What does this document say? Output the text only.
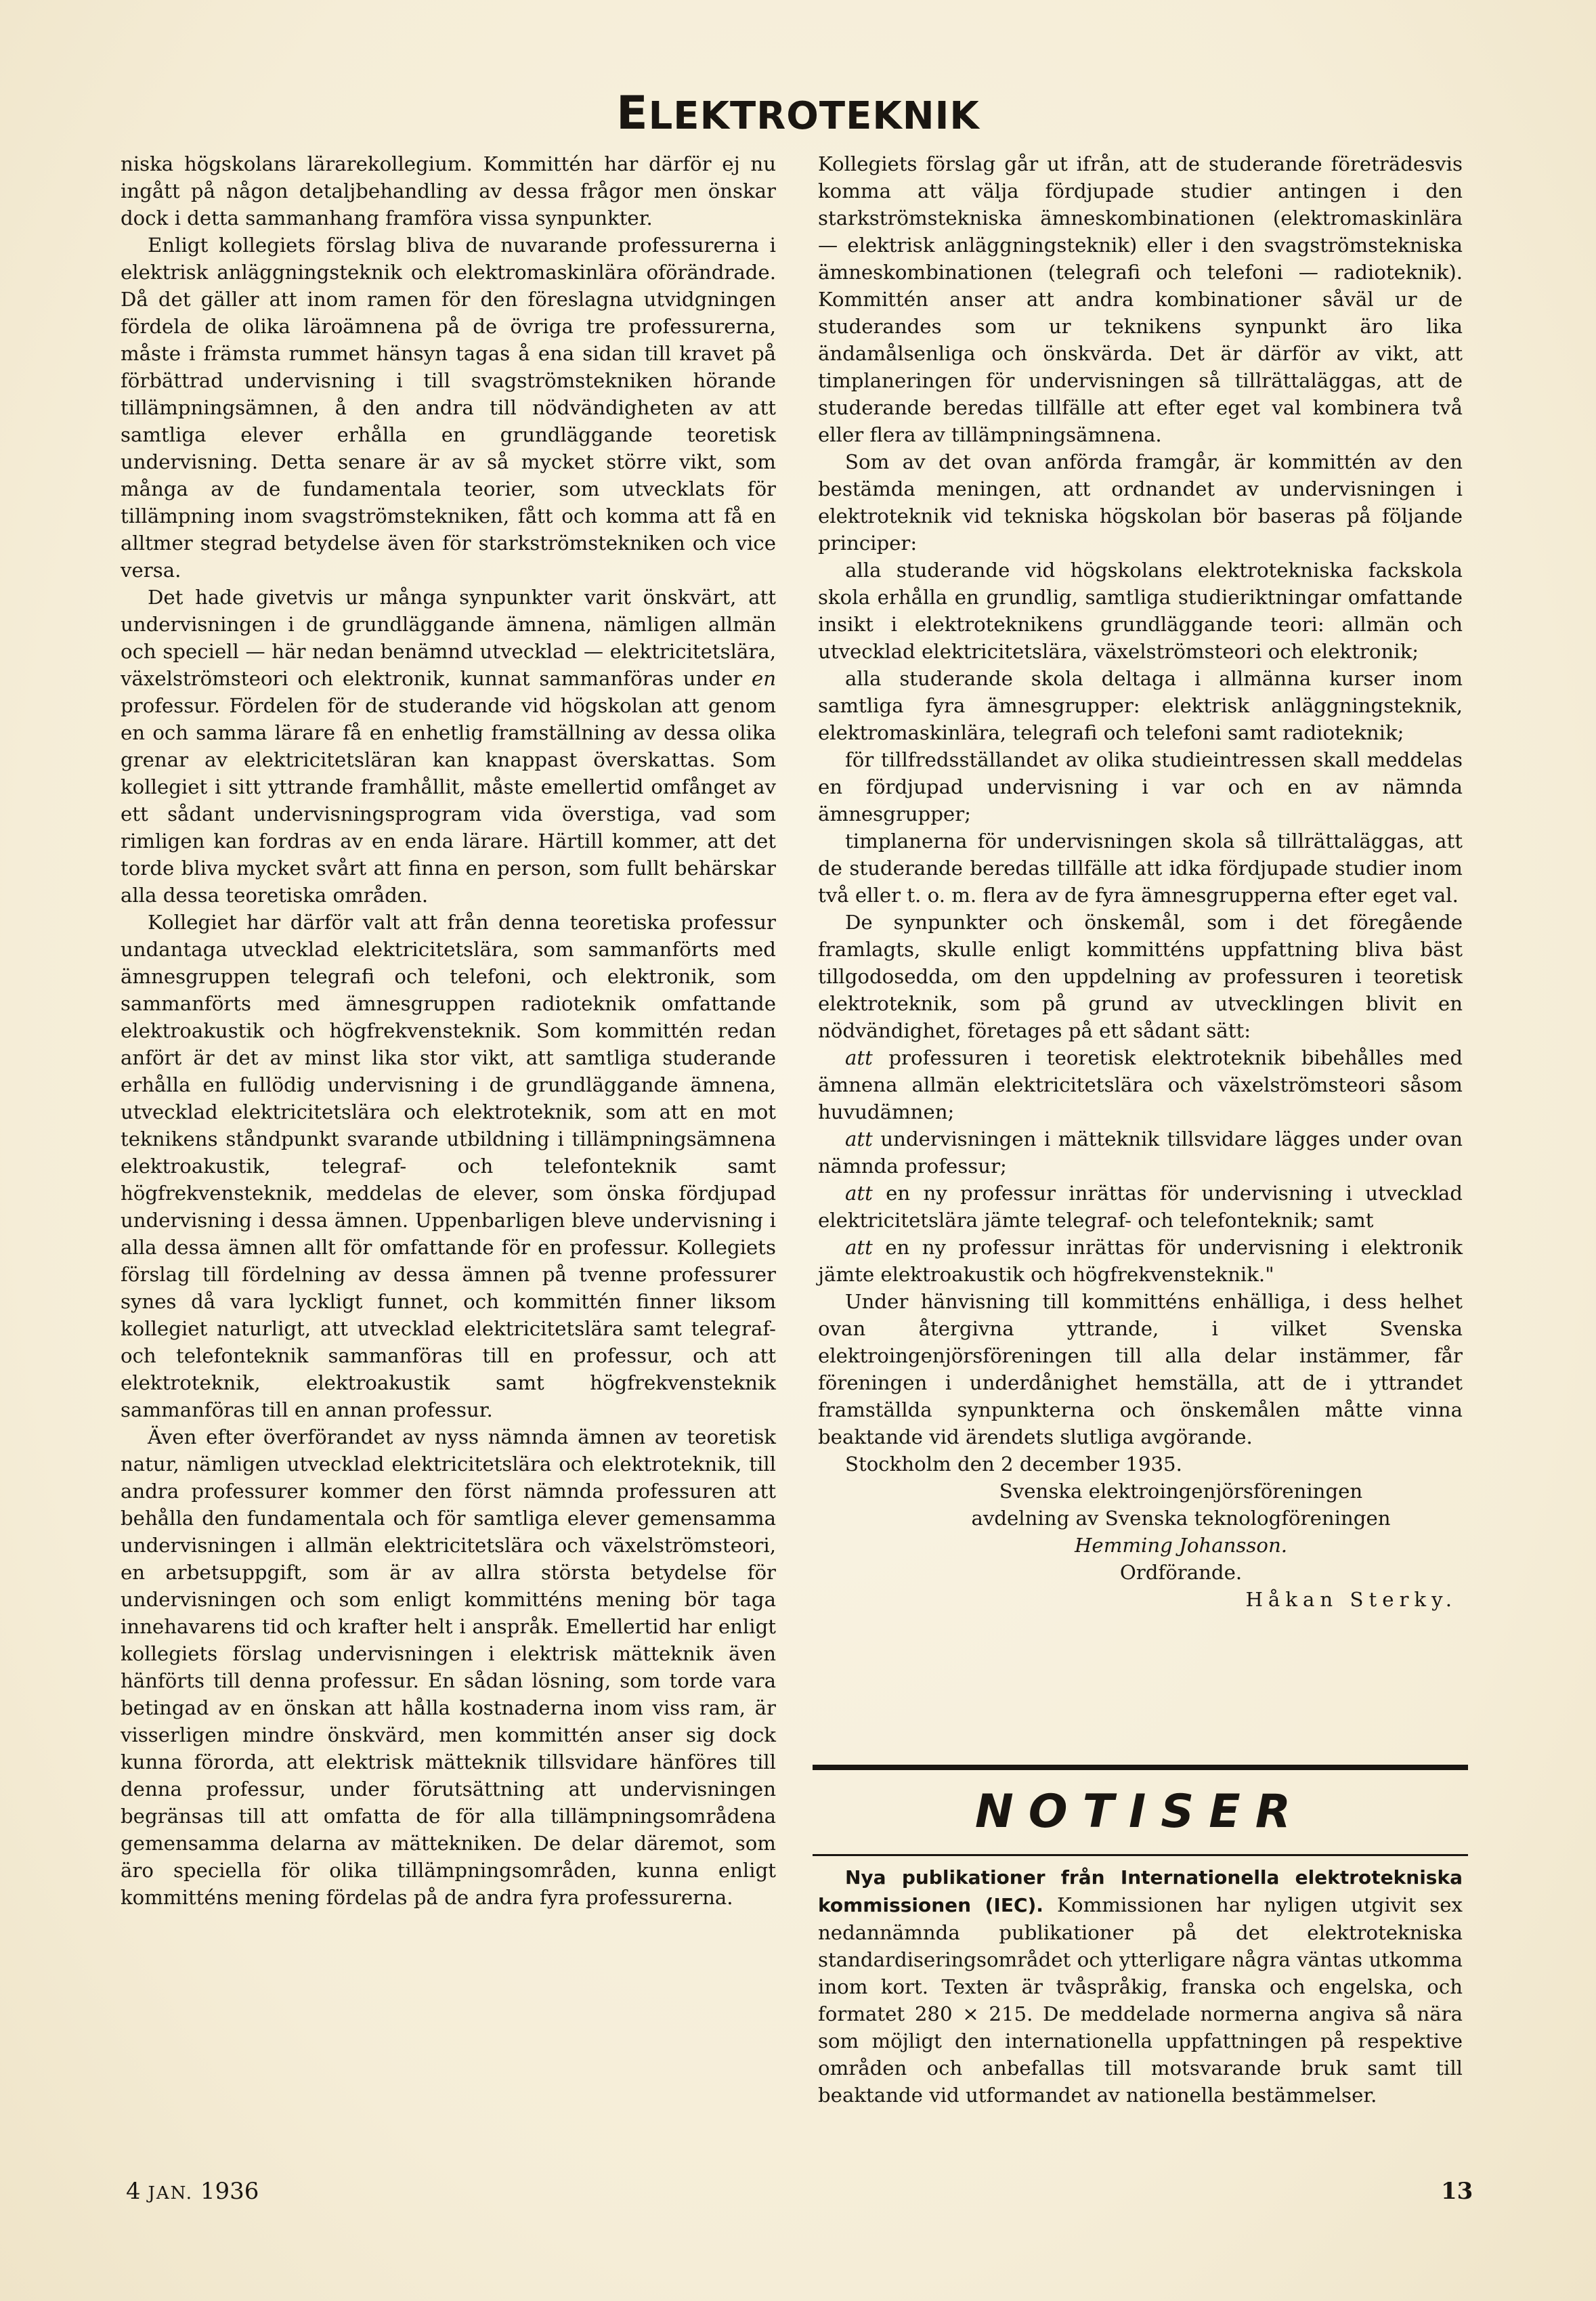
ELEKTROTEKNIK

niska högskolans lärarekollegium. Kommittén har därför ej nu ingått på någon detaljbehandling av dessa frågor men önskar dock i detta sammanhang framföra vissa synpunkter.

Enligt kollegiets förslag bliva de nuvarande professurerna i elektrisk anläggningsteknik och elektromaskinlära oförändrade. Då det gäller att inom ramen för den föreslagna utvidgningen fördela de olika läroämnena på de övriga tre professurerna, måste i främsta rummet hänsyn tagas å ena sidan till kravet på förbättrad undervisning i till svagströmstekniken hörande tillämpningsämnen, å den andra till nödvändigheten av att samtliga elever erhålla en grundläggande teoretisk undervisning. Detta senare är av så mycket större vikt, som många av de fundamentala teorier, som utvecklats för tillämpning inom svagströmstekniken, fått och komma att få en alltmer stegrad betydelse även för starkströmstekniken och vice versa.

Det hade givetvis ur många synpunkter varit önskvärt, att undervisningen i de grundläggande ämnena, nämligen allmän och speciell — här nedan benämnd utvecklad — elektricitetslära, växelströmsteori och elektronik, kunnat sammanföras under en professur. Fördelen för de studerande vid högskolan att genom en och samma lärare få en enhetlig framställning av dessa olika grenar av elektricitetsläran kan knappast överskattas. Som kollegiet i sitt yttrande framhållit, måste emellertid omfånget av ett sådant undervisningsprogram vida överstiga, vad som rimligen kan fordras av en enda lärare. Härtill kommer, att det torde bliva mycket svårt att finna en person, som fullt behärskar alla dessa teoretiska områden.

Kollegiet har därför valt att från denna teoretiska professur undantaga utvecklad elektricitetslära, som sammanförts med ämnesgruppen telegrafi och telefoni, och elektronik, som sammanförts med ämnesgruppen radioteknik omfattande elektroakustik och högfrekvensteknik. Som kommittén redan anfört är det av minst lika stor vikt, att samtliga studerande erhålla en fullödig undervisning i de grundläggande ämnena, utvecklad elektricitetslära och elektroteknik, som att en mot teknikens ståndpunkt svarande utbildning i tillämpningsämnena elektroakustik, telegraf- och telefonteknik samt högfrekvensteknik, meddelas de elever, som önska fördjupad undervisning i dessa ämnen. Uppenbarligen bleve undervisning i alla dessa ämnen allt för omfattande för en professur. Kollegiets förslag till fördelning av dessa ämnen på tvenne professurer synes då vara lyckligt funnet, och kommittén finner liksom kollegiet naturligt, att utvecklad elektricitetslära samt telegraf- och telefonteknik sammanföras till en professur, och att elektroteknik, elektroakustik samt högfrekvensteknik sammanföras till en annan professur.

Även efter överförandet av nyss nämnda ämnen av teoretisk natur, nämligen utvecklad elektricitetslära och elektroteknik, till andra professurer kommer den först nämnda professuren att behålla den fundamentala och för samtliga elever gemensamma undervisningen i allmän elektricitetslära och växelströmsteori, en arbetsuppgift, som är av allra största betydelse för undervisningen och som enligt kommitténs mening bör taga innehavarens tid och krafter helt i anspråk. Emellertid har enligt kollegiets förslag undervisningen i elektrisk mätteknik även hänförts till denna professur. En sådan lösning, som torde vara betingad av en önskan att hålla kostnaderna inom viss ram, är visserligen mindre önskvärd, men kommittén anser sig dock kunna förorda, att elektrisk mätteknik tillsvidare hänföres till denna professur, under förutsättning att undervisningen begränsas till att omfatta de för alla tillämpningsområdena gemensamma delarna av mättekniken. De delar däremot, som äro speciella för olika tillämpningsområden, kunna enligt kommitténs mening fördelas på de andra fyra professurerna.

Kollegiets förslag går ut ifrån, att de studerande företrädesvis komma att välja fördjupade studier antingen i den starkströmstekniska ämneskombinationen (elektromaskinlära — elektrisk anläggningsteknik) eller i den svagströmstekniska ämneskombinationen (telegrafi och telefoni — radioteknik). Kommittén anser att andra kombinationer såväl ur de studerandes som ur teknikens synpunkt äro lika ändamålsenliga och önskvärda. Det är därför av vikt, att timplaneringen för undervisningen så tillrättaläggas, att de studerande beredas tillfälle att efter eget val kombinera två eller flera av tillämpningsämnena.

Som av det ovan anförda framgår, är kommittén av den bestämda meningen, att ordnandet av undervisningen i elektroteknik vid tekniska högskolan bör baseras på följande principer:

alla studerande vid högskolans elektrotekniska fackskola skola erhålla en grundlig, samtliga studieriktningar omfattande insikt i elektroteknikens grundläggande teori: allmän och utvecklad elektricitetslära, växelströmsteori och elektronik;

alla studerande skola deltaga i allmänna kurser inom samtliga fyra ämnesgrupper: elektrisk anläggningsteknik, elektromaskinlära, telegrafi och telefoni samt radioteknik;

för tillfredsställandet av olika studieintressen skall meddelas en fördjupad undervisning i var och en av nämnda ämnesgrupper;

timplanerna för undervisningen skola så tillrättaläggas, att de studerande beredas tillfälle att idka fördjupade studier inom två eller t. o. m. flera av de fyra ämnesgrupperna efter eget val.

De synpunkter och önskemål, som i det föregående framlagts, skulle enligt kommitténs uppfattning bliva bäst tillgodosedda, om den uppdelning av professuren i teoretisk elektroteknik, som på grund av utvecklingen blivit en nödvändighet, företages på ett sådant sätt:

att professuren i teoretisk elektroteknik bibehålles med ämnena allmän elektricitetslära och växelströmsteori såsom huvudämnen;

att undervisningen i mätteknik tillsvidare lägges under ovan nämnda professur;

att en ny professur inrättas för undervisning i utvecklad elektricitetslära jämte telegraf- och telefonteknik; samt

att en ny professur inrättas för undervisning i elektronik jämte elektroakustik och högfrekvensteknik."

Under hänvisning till kommitténs enhälliga, i dess helhet ovan återgivna yttrande, i vilket Svenska elektroingenjörsföreningen till alla delar instämmer, får föreningen i underdånighet hemställa, att de i yttrandet framställda synpunkterna och önskemålen måtte vinna beaktande vid ärendets slutliga avgörande.

Stockholm den 2 december 1935.

Svenska elektroingenjörsföreningen

avdelning av Svenska teknologföreningen

Hemming Johansson.

Ordförande.

Håkan Sterky.

NOTISER

Nya publikationer från Internationella elektrotekniska kommissionen (IEC). Kommissionen har nyligen utgivit sex nedannämnda publikationer på det elektrotekniska standardiseringsområdet och ytterligare några väntas utkomma inom kort. Texten är tvåspråkig, franska och engelska, och formatet 280 × 215. De meddelade normerna angiva så nära som möjligt den internationella uppfattningen på respektive områden och anbefallas till motsvarande bruk samt till beaktande vid utformandet av nationella bestämmelser.

4 JAN. 1936	13
